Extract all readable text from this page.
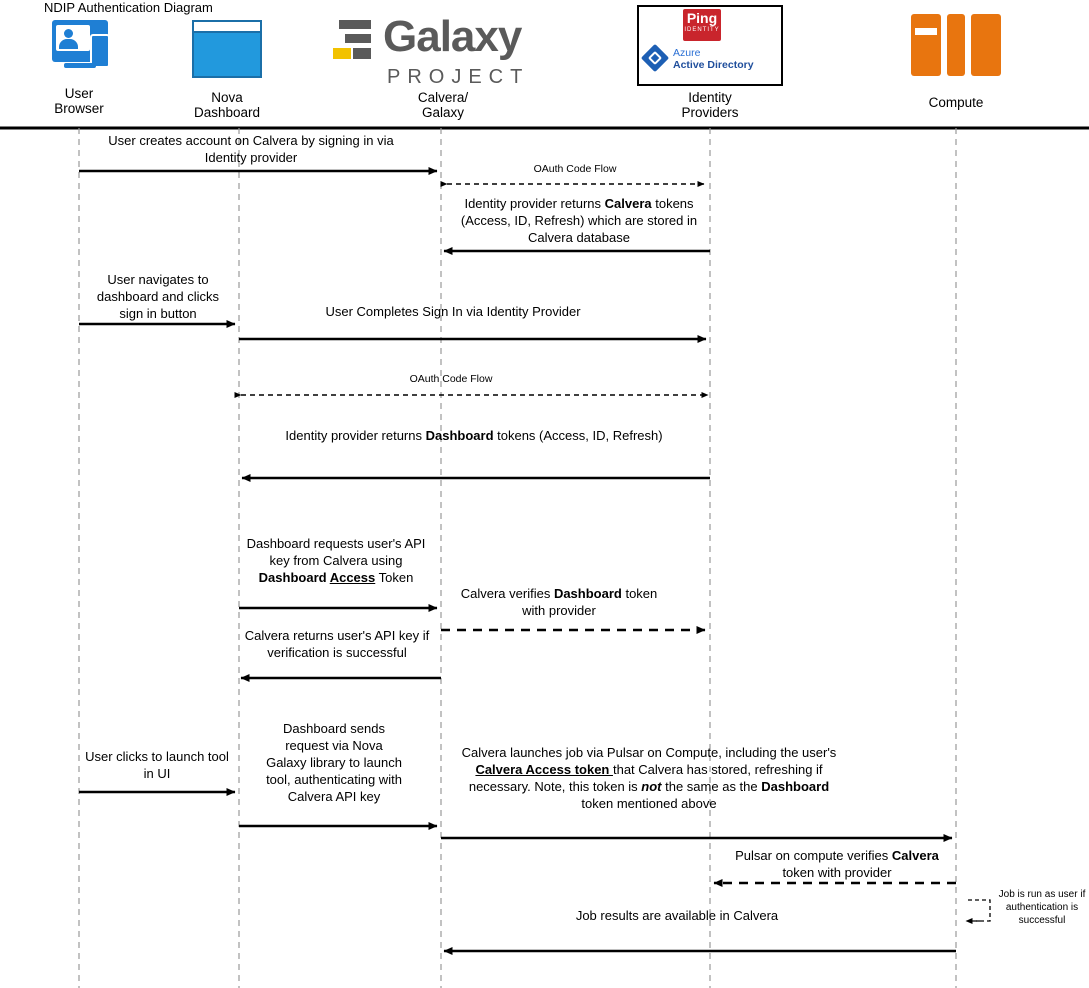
NDIP Authentication Diagram
User
Browser
Nova
Dashboard
Galaxy
PROJECT
Calvera/
Galaxy
Ping
IDENTITY
Azure
Active Directory
Identity
Providers
Compute
User creates account on Calvera by signing in via Identity provider
OAuth Code Flow
Identity provider returns Calvera tokens (Access, ID, Refresh) which are stored in Calvera database
User navigates to dashboard and clicks sign in button	User Completes Sign In via Identity Provider
OAuth Code Flow
Identity provider returns Dashboard tokens (Access, ID, Refresh)
Dashboard requests user's API key from Calvera using Dashboard Access Token
Calvera verifies Dashboard token with provider
Calvera returns user's API key if verification is successful
User clicks to launch tool in UI
Dashboard sends request via Nova Galaxy library to launch tool, authenticating with Calvera API key
Calvera launches job via Pulsar on Compute, including the user's Calvera Access token that Calvera has stored, refreshing if necessary. Note, this token is not the same as the Dashboard token mentioned above
Pulsar on compute verifies Calvera token with provider
Job is run as user if authentication is successful
Job results are available in Calvera
